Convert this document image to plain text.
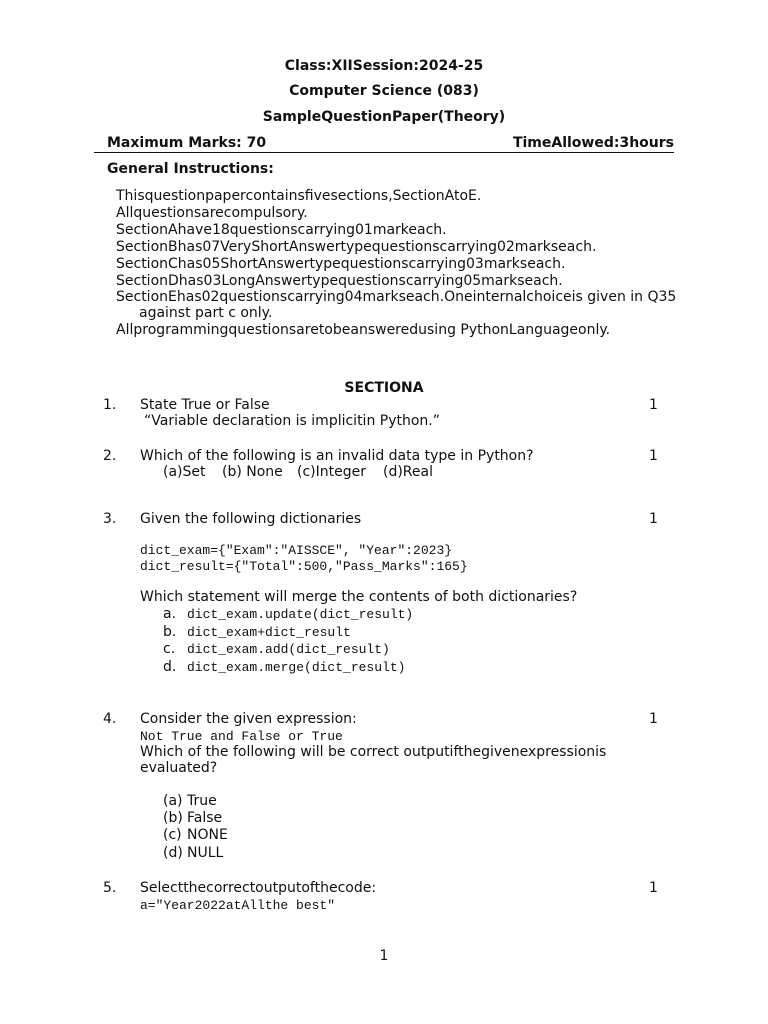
Class:XIISession:2024-25
Computer Science (083)
SampleQuestionPaper(Theory)
Maximum Marks: 70	TimeAllowed:3hours
General Instructions:
Thisquestionpapercontainsfivesections,SectionAtoE.
Allquestionsarecompulsory.
SectionAhave18questionscarrying01markeach.
SectionBhas07VeryShortAnswertypequestionscarrying02markseach.
SectionChas05ShortAnswertypequestionscarrying03markseach.
SectionDhas03LongAnswertypequestionscarrying05markseach.
SectionEhas02questionscarrying04markseach.Oneinternalchoiceis given in Q35
against part c only.
Allprogrammingquestionsaretobeansweredusing PythonLanguageonly.
SECTIONA
1. State True or False
“Variable declaration is implicitin Python.”
1
2. Which of the following is an invalid data type in Python?
(a)Set (b) None (c)Integer (d)Real
1
3. Given the following dictionaries
dict_exam={"Exam":"AISSCE", "Year":2023}
dict_result={"Total":500,"Pass_Marks":165}
Which statement will merge the contents of both dictionaries?
a. dict_exam.update(dict_result)
b. dict_exam+dict_result
c. dict_exam.add(dict_result)
d. dict_exam.merge(dict_result)
1
4. Consider the given expression:
Not True and False or True
Which of the following will be correct outputifthegivenexpressionis
evaluated?
(a) True
(b) False
(c) NONE
(d) NULL
1
5. Selectthecorrectoutputofthecode:
a="Year2022atAllthe best"
1
1
